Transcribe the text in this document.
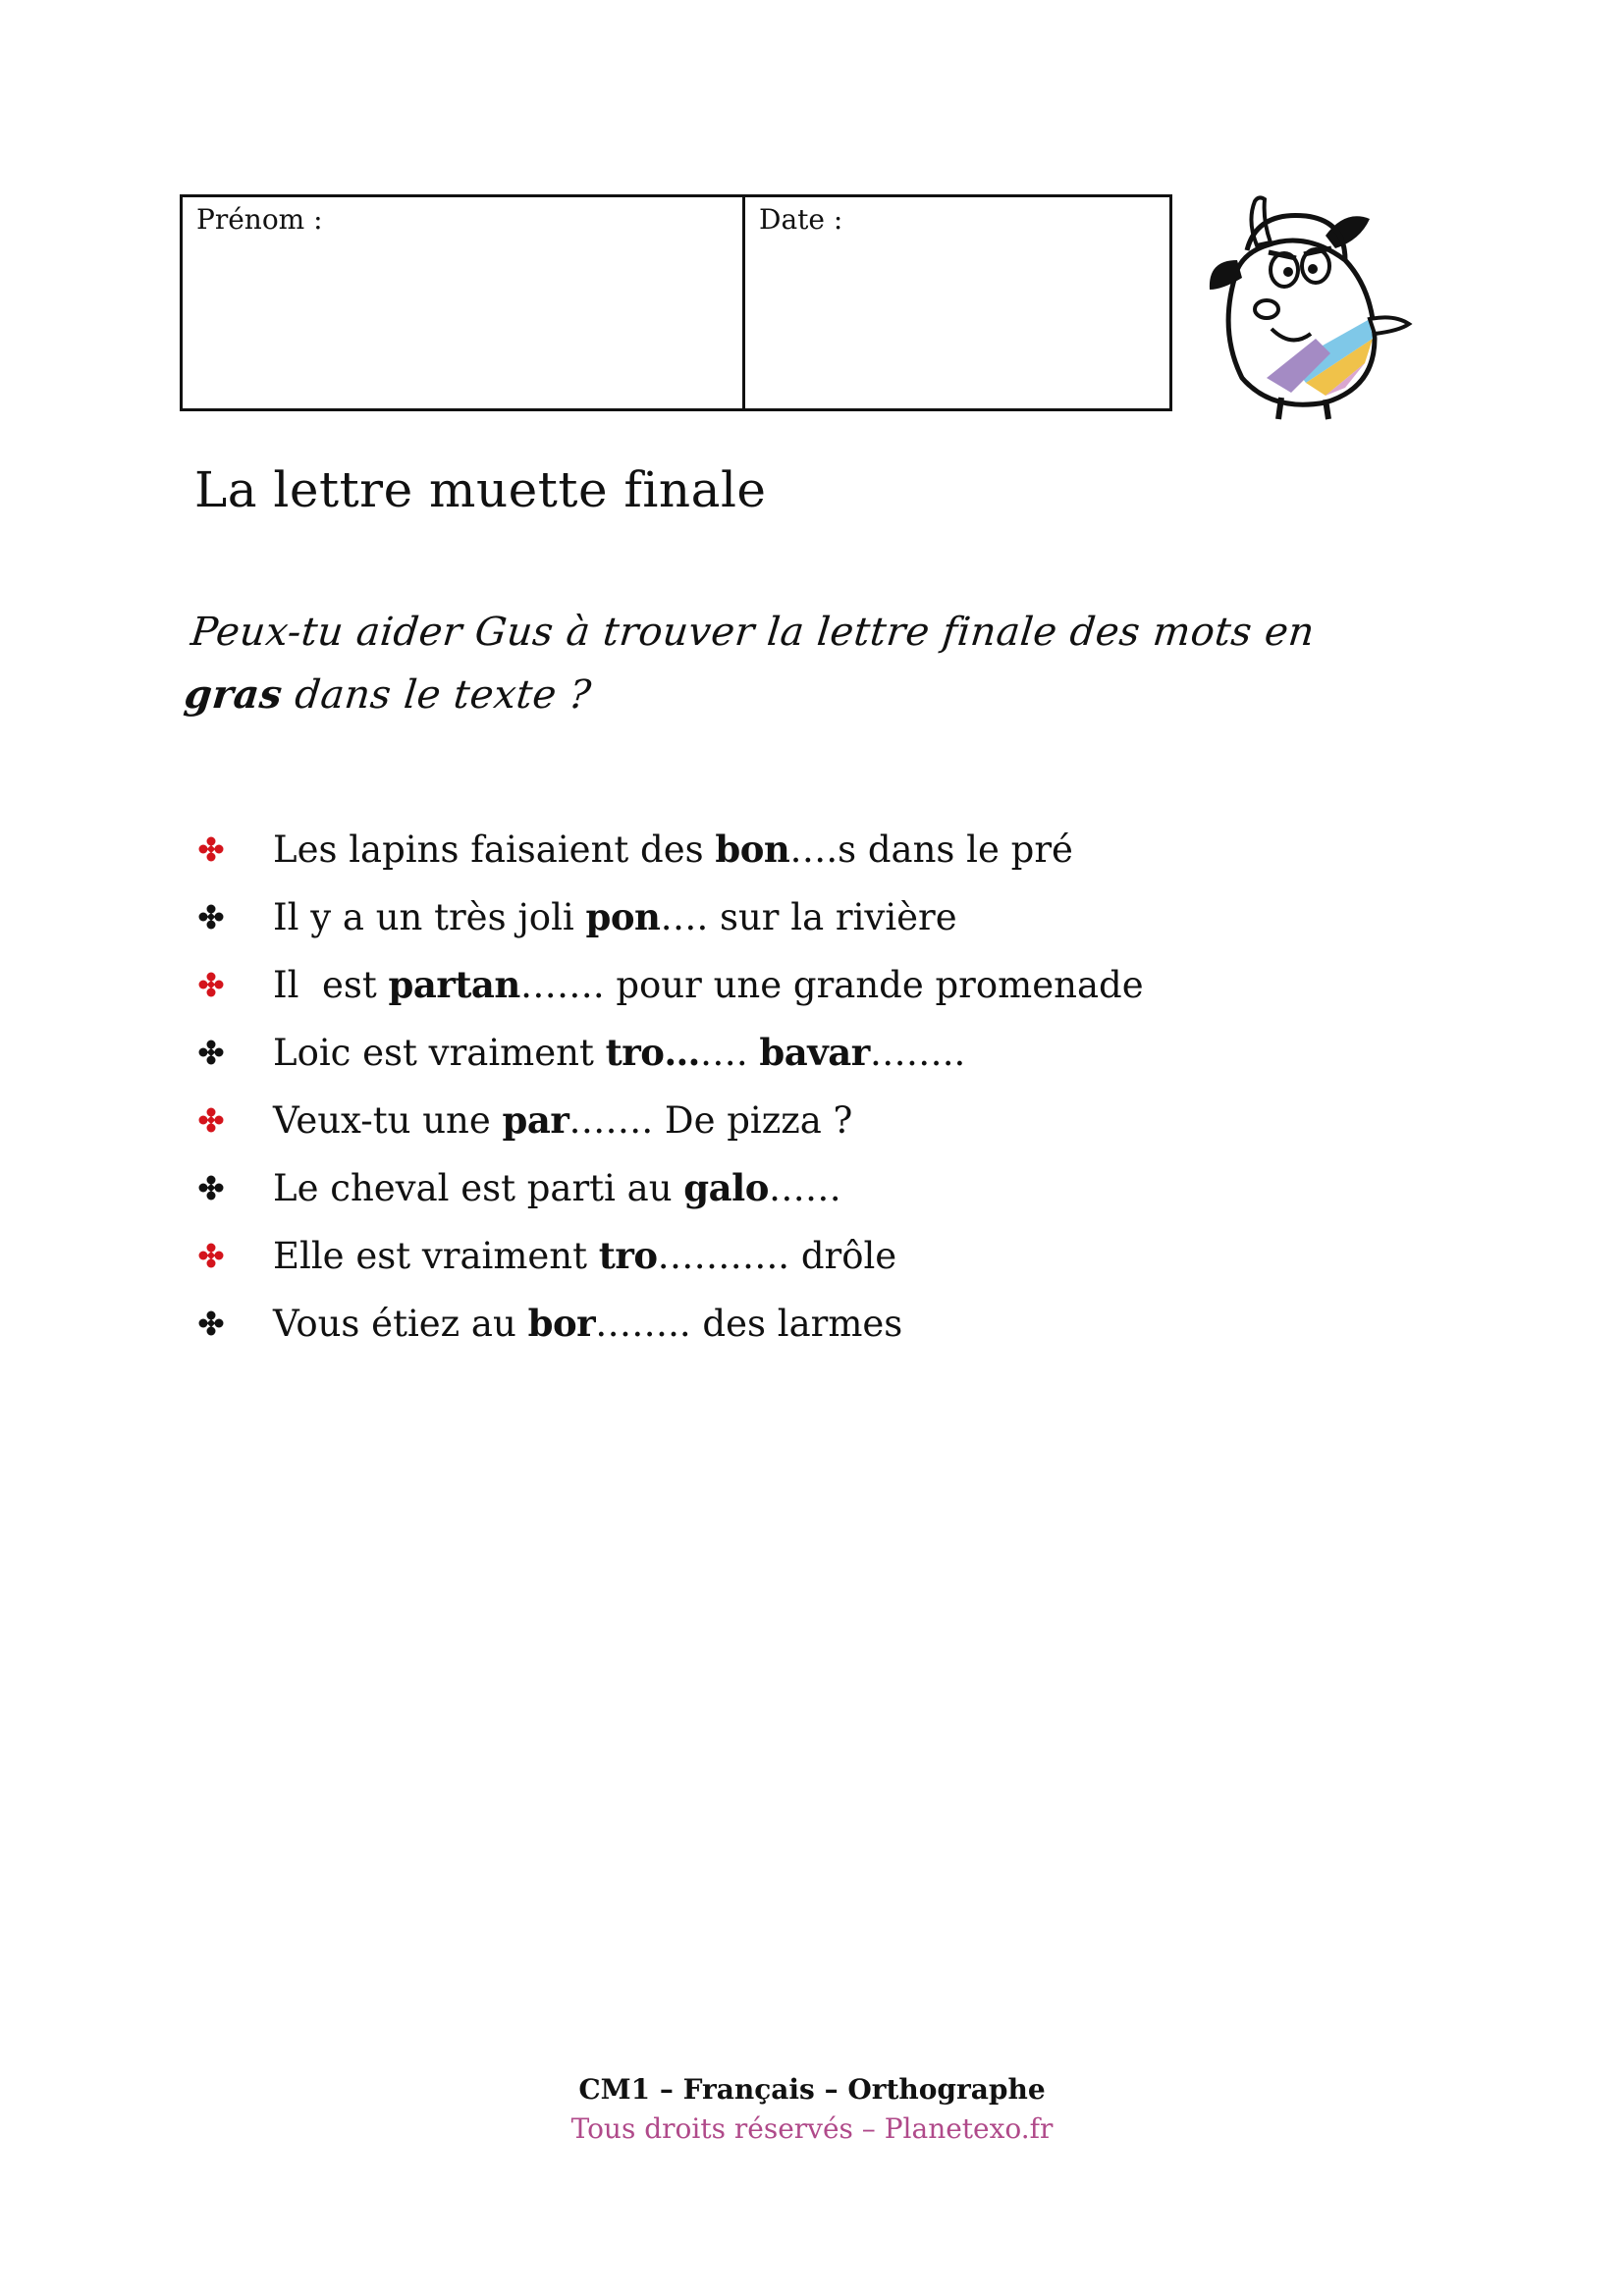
Prénom :	Date :
La lettre muette finale
Peux-tu aider Gus à trouver la lettre finale des mots en
gras dans le texte ?
Les lapins faisaient des bon….s dans le pré
Il y a un très joli pon…. sur la rivière
Il  est partan……. pour une grande promenade
Loic est vraiment tro……. bavar……..
Veux-tu une par……. De pizza ?
Le cheval est parti au galo……
Elle est vraiment tro……….. drôle
Vous étiez au bor…….. des larmes
CM1 – Français – Orthographe
Tous droits réservés – Planetexo.fr
